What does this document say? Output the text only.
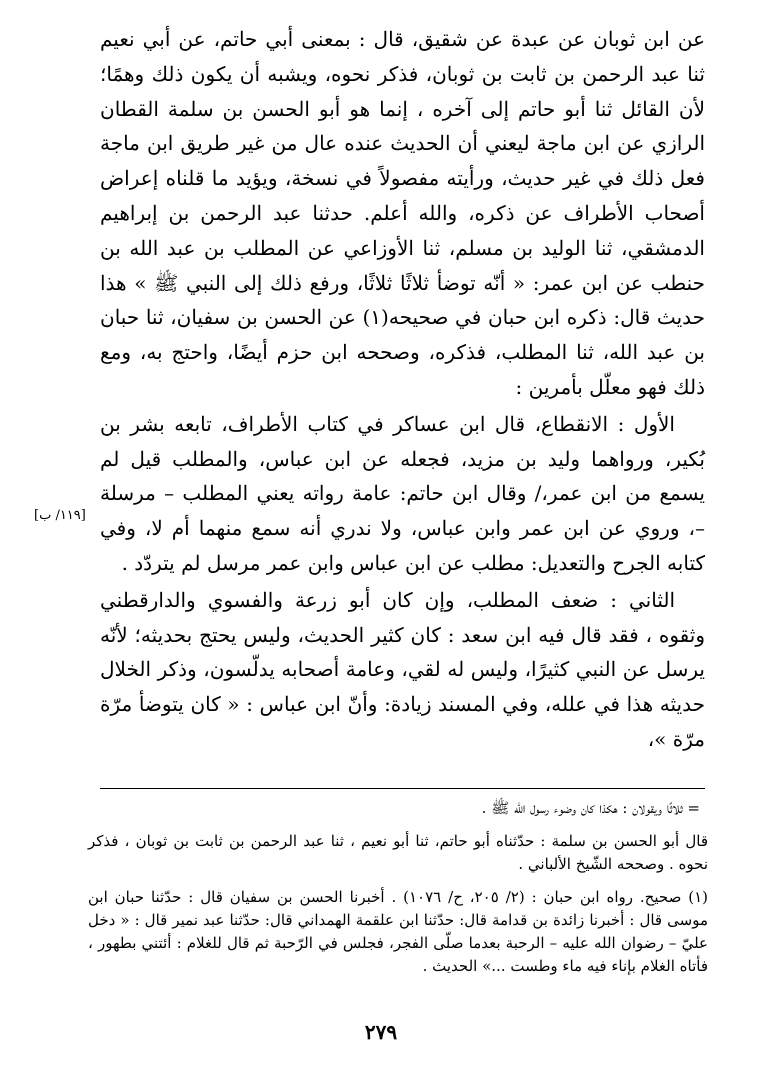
عن ابن ثوبان عن عبدة عن شقيق، قال : بمعنى أبي حاتم، عن أبي نعيم ثنا عبد الرحمن بن ثابت بن ثوبان، فذكر نحوه، ويشبه أن يكون ذلك وهمًا؛ لأن القائل ثنا أبو حاتم إلى آخره ، إنما هو أبو الحسن بن سلمة القطان الرازي عن ابن ماجة ليعني أن الحديث عنده عال من غير طريق ابن ماجة فعل ذلك في غير حديث، ورأيته مفصولاً في نسخة، ويؤيد ما قلناه إعراض أصحاب الأطراف عن ذكره، والله أعلم. حدثنا عبد الرحمن بن إبراهيم الدمشقي، ثنا الوليد بن مسلم، ثنا الأوزاعي عن المطلب بن عبد الله بن حنطب عن ابن عمر: « أنّه توضأ ثلاثًا ثلاثًا، ورفع ذلك إلى النبي ﷺ » هذا حديث قال: ذكره ابن حبان في صحيحه(١) عن الحسن بن سفيان، ثنا حبان بن عبد الله، ثنا المطلب، فذكره، وصححه ابن حزم أيضًا، واحتج به، ومع ذلك فهو معلّل بأمرين :

الأول : الانقطاع، قال ابن عساكر في كتاب الأطراف، تابعه بشر بن بُكير، ورواهما وليد بن مزيد، فجعله عن ابن عباس، والمطلب قيل لم يسمع من ابن عمر،/ وقال ابن حاتم: عامة رواته يعني المطلب – مرسلة –، وروي عن ابن عمر وابن عباس، ولا ندري أنه سمع منهما أم لا، وفي كتابه الجرح والتعديل: مطلب عن ابن عباس وابن عمر مرسل لم يتردّد .

الثاني : ضعف المطلب، وإن كان أبو زرعة والفسوي والدارقطني وثقوه ، فقد قال فيه ابن سعد : كان كثير الحديث، وليس يحتج بحديثه؛ لأنّه يرسل عن النبي كثيرًا، وليس له لقي، وعامة أصحابه يدلّسون، وذكر الخلال حديثه هذا في علله، وفي المسند زيادة: وأنّ ابن عباس : « كان يتوضأ مرّة مرّة »،

[١١٩/ ب]

= ثلاثًا ويقولان : هكذا كان وضوء رسول الله ﷺ .

قال أبو الحسن بن سلمة : حدّثناه أبو حاتم، ثنا أبو نعيم ، ثنا عبد الرحمن بن ثابت بن ثوبان ، فذكر نحوه . وصححه الشّيخ الألباني .

(١) صحيح. رواه ابن حبان : (٢/ ٢٠٥، ح/ ١٠٧٦) . أخبرنا الحسن بن سفيان قال : حدّثنا حبان ابن موسى قال : أخبرنا زائدة بن قدامة قال: حدّثنا ابن علقمة الهمداني قال: حدّثنا عبد نمير قال : « دخل عليّ – رضوان الله عليه – الرحبة بعدما صلّى الفجر، فجلس في الرّحبة ثم قال للغلام : أئتني بطهور ، فأتاه الغلام بإناء فيه ماء وطست ...» الحديث .

٢٧٩
